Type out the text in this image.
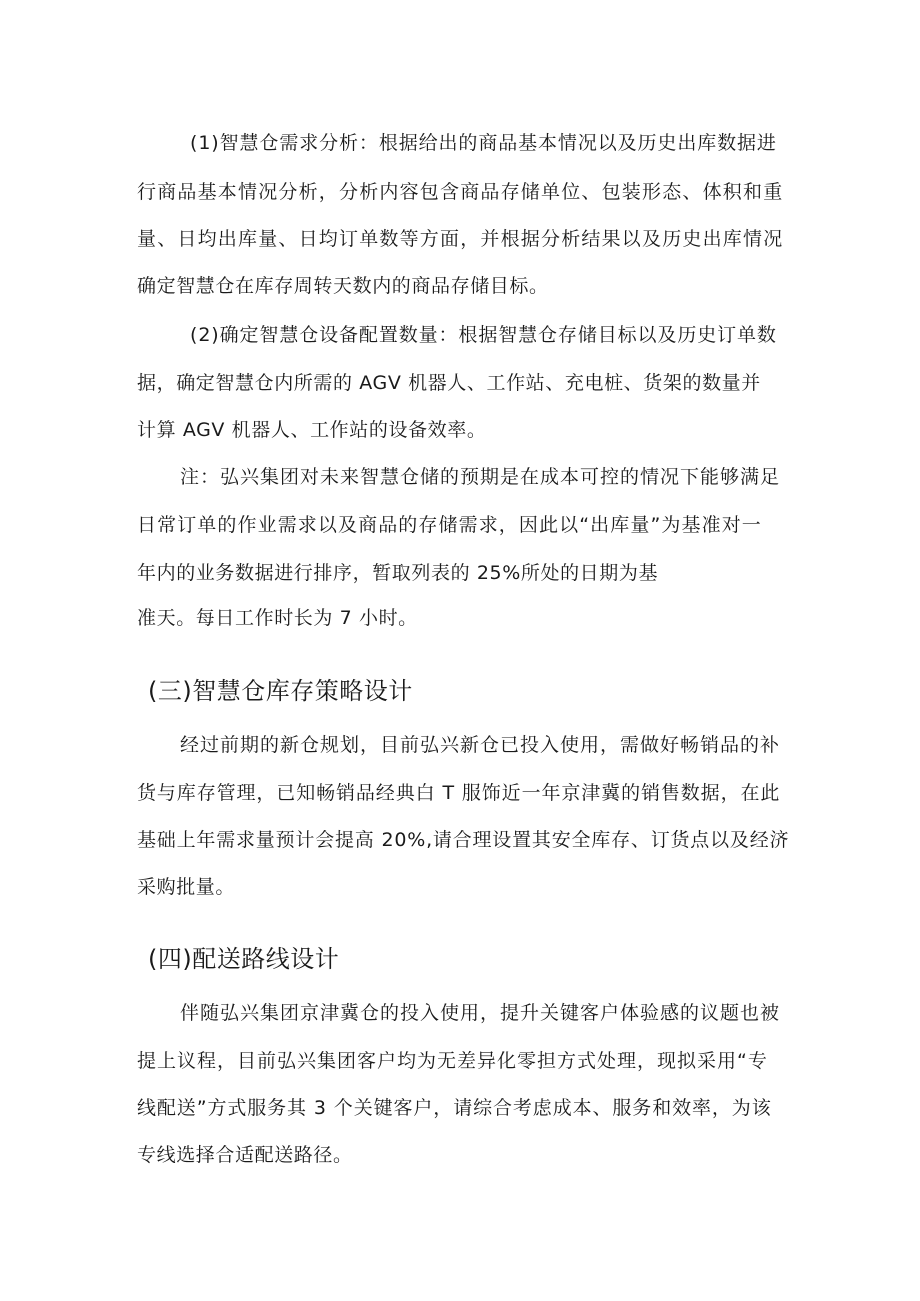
(1)智慧仓需求分析：根据给出的商品基本情况以及历史出库数据进
行商品基本情况分析，分析内容包含商品存储单位、包装形态、体积和重
量、日均出库量、日均订单数等方面，并根据分析结果以及历史出库情况
确定智慧仓在库存周转天数内的商品存储目标。
(2)确定智慧仓设备配置数量：根据智慧仓存储目标以及历史订单数
据，确定智慧仓内所需的 AGV 机器人、工作站、充电桩、货架的数量并
计算 AGV 机器人、工作站的设备效率。
注：弘兴集团对未来智慧仓储的预期是在成本可控的情况下能够满足
日常订单的作业需求以及商品的存储需求，因此以“出库量”为基准对一
年内的业务数据进行排序，暂取列表的 25%所处的日期为基
准天。每日工作时长为 7 小时。
(三)智慧仓库存策略设计
经过前期的新仓规划，目前弘兴新仓已投入使用，需做好畅销品的补
货与库存管理，已知畅销品经典白 T 服饰近一年京津冀的销售数据，在此
基础上年需求量预计会提高 20%,请合理设置其安全库存、订货点以及经济
采购批量。
(四)配送路线设计
伴随弘兴集团京津冀仓的投入使用，提升关键客户体验感的议题也被
提上议程，目前弘兴集团客户均为无差异化零担方式处理，现拟采用“专
线配送”方式服务其 3 个关键客户，请综合考虑成本、服务和效率，为该
专线选择合适配送路径。
